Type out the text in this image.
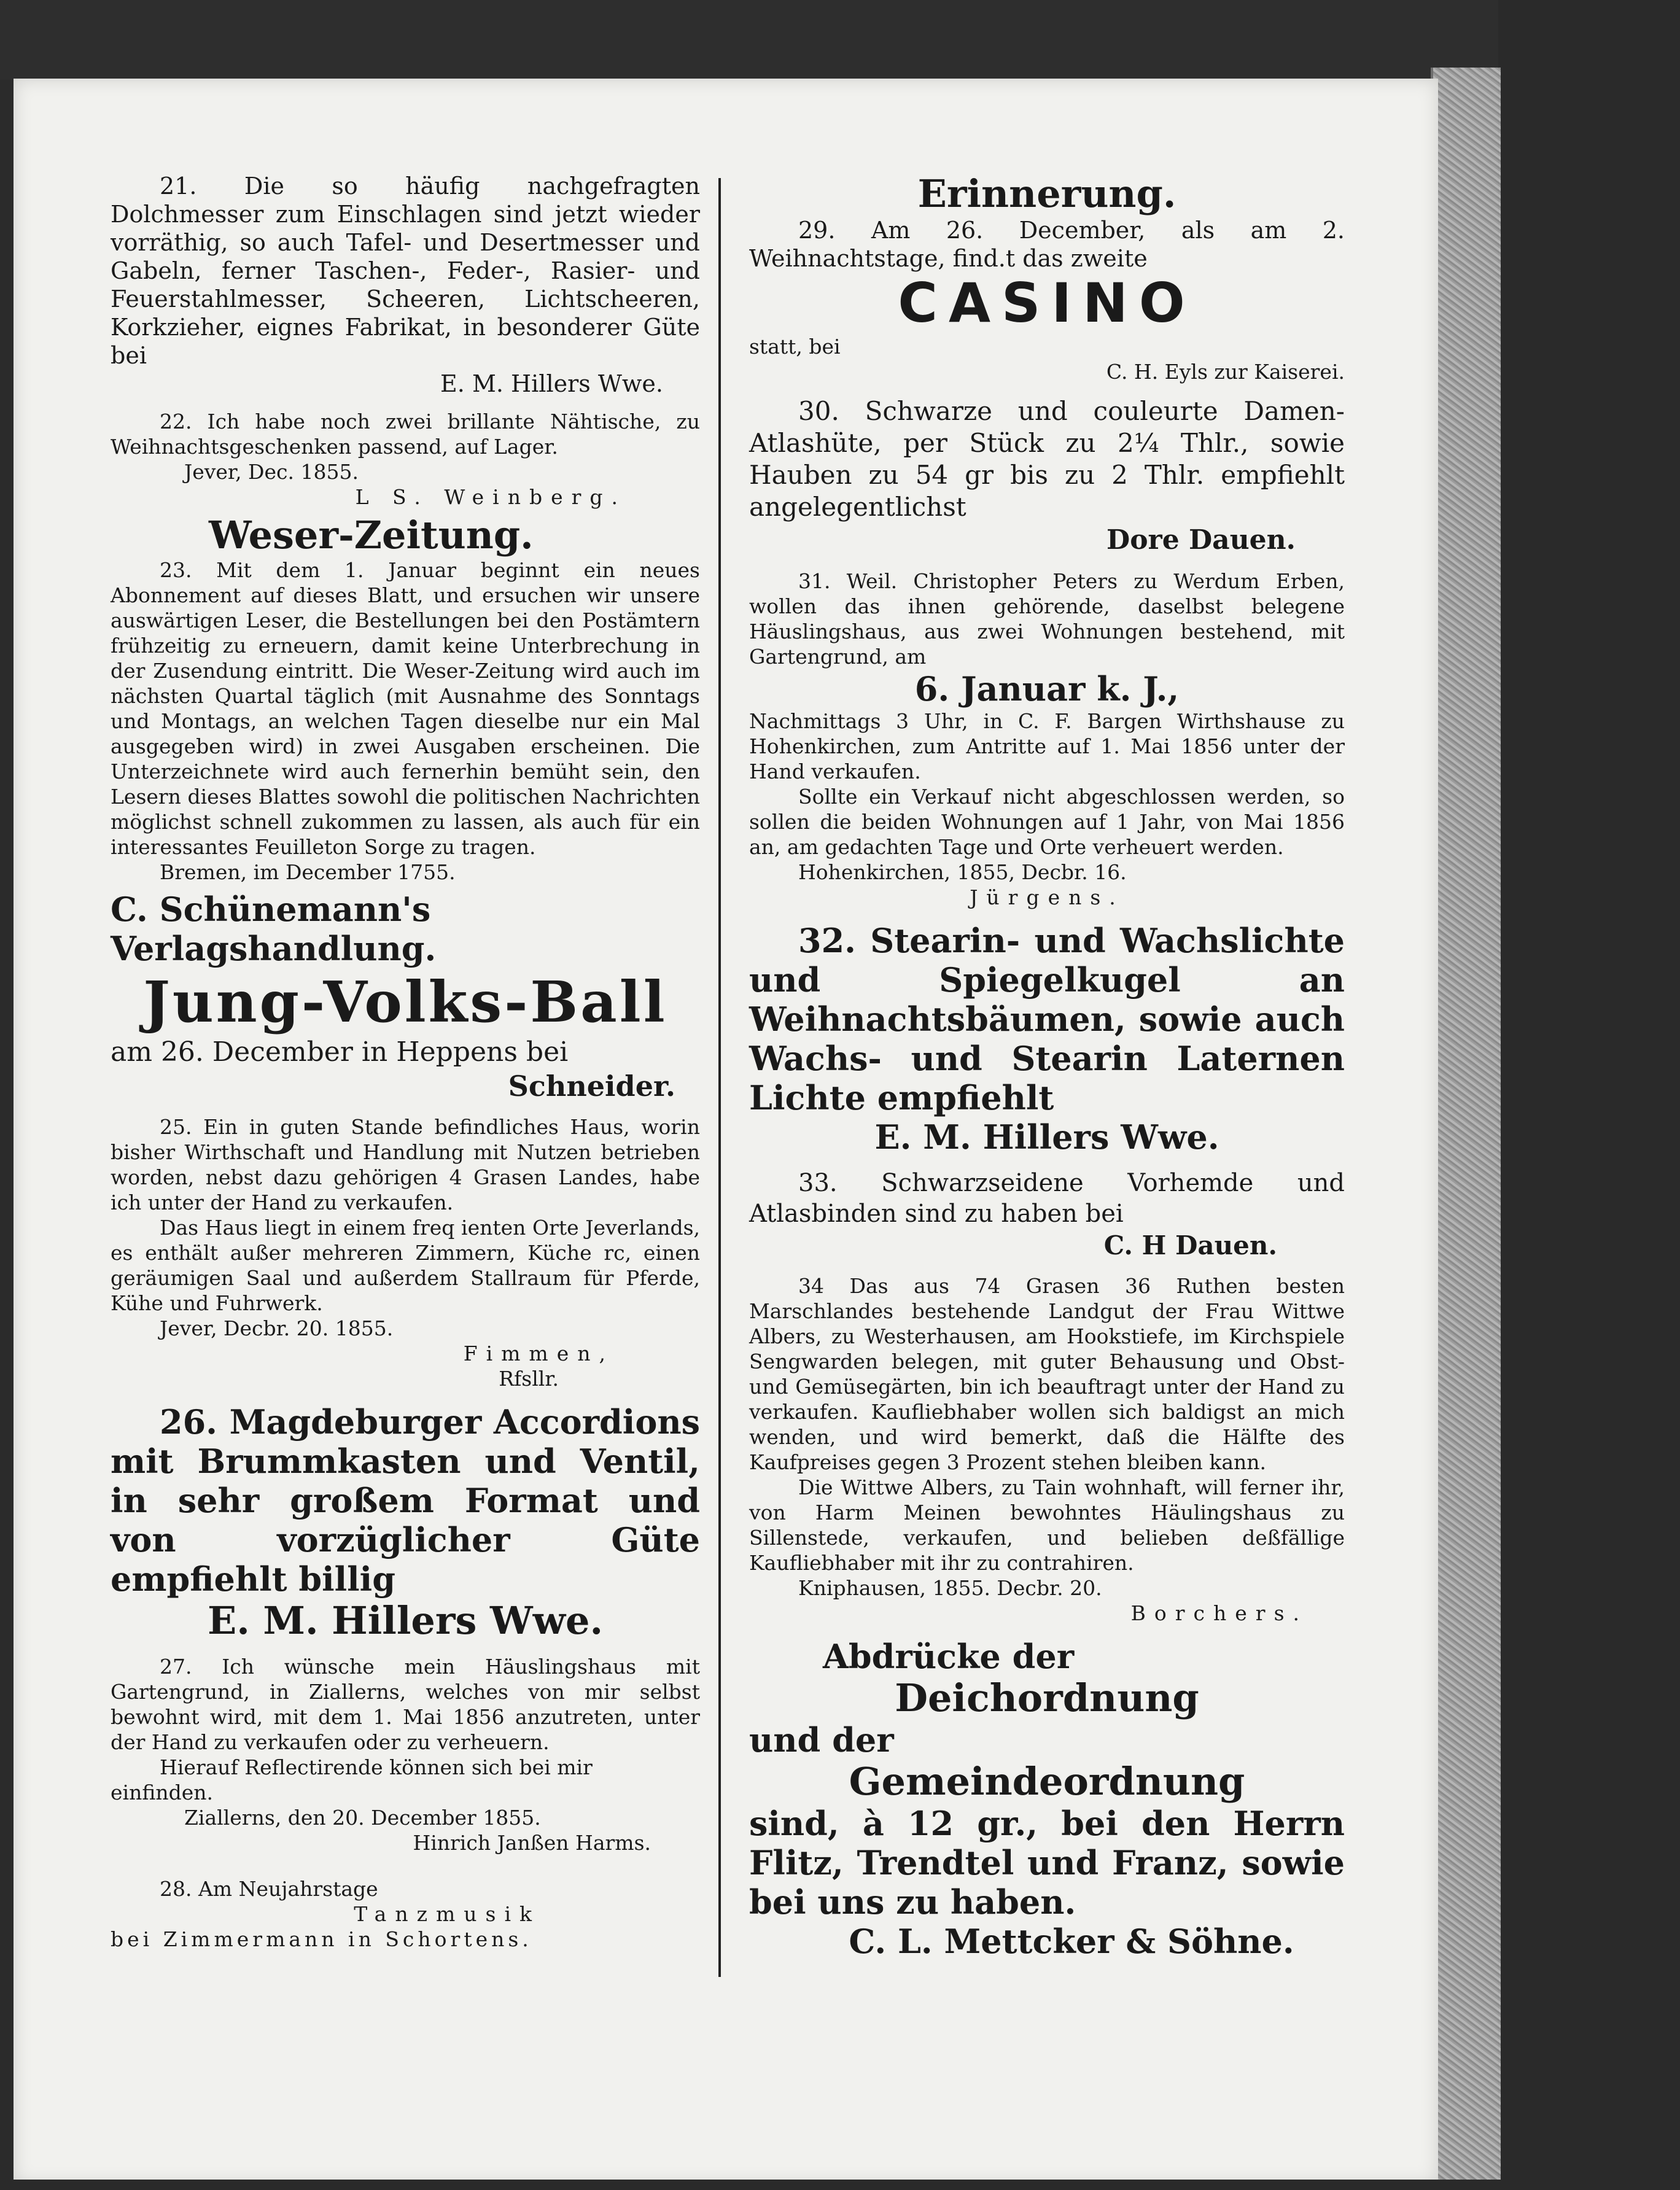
21. Die so häufig nachgefragten Dolchmesser zum Einschlagen sind jetzt wieder vorräthig, so auch Tafel- und Desertmesser und Gabeln, ferner Taschen-, Feder-, Rasier- und Feuerstahlmesser, Scheeren, Lichtscheeren, Korkzieher, eignes Fabrikat, in besonderer Güte bei

E. M. Hillers Wwe.

22. Ich habe noch zwei brillante Nähtische, zu Weihnachtsgeschenken passend, auf Lager.

Jever, Dec. 1855.

L S. Weinberg.

Weser-Zeitung.

23. Mit dem 1. Januar beginnt ein neues Abonnement auf dieses Blatt, und ersuchen wir unsere auswärtigen Leser, die Bestellungen bei den Postämtern frühzeitig zu erneuern, damit keine Unterbrechung in der Zusendung eintritt. Die Weser-Zeitung wird auch im nächsten Quartal täglich (mit Ausnahme des Sonntags und Montags, an welchen Tagen dieselbe nur ein Mal ausgegeben wird) in zwei Ausgaben erscheinen. Die Unterzeichnete wird auch fernerhin bemüht sein, den Lesern dieses Blattes sowohl die politischen Nachrichten möglichst schnell zukommen zu lassen, als auch für ein interessantes Feuilleton Sorge zu tragen.

Bremen, im December 1755.

C. Schünemann's Verlagshandlung.

Jung-Volks-Ball

am 26. December in Heppens bei

Schneider.

25. Ein in guten Stande befindliches Haus, worin bisher Wirthschaft und Handlung mit Nutzen betrieben worden, nebst dazu gehörigen 4 Grasen Landes, habe ich unter der Hand zu verkaufen.

Das Haus liegt in einem freq ienten Orte Jeverlands, es enthält außer mehreren Zimmern, Küche rc, einen geräumigen Saal und außerdem Stallraum für Pferde, Kühe und Fuhrwerk.

Jever, Decbr. 20. 1855.

Fimmen,

Rfsllr.

26. Magdeburger Accordions mit Brummkasten und Ventil, in sehr großem Format und von vorzüglicher Güte empfiehlt billig

E. M. Hillers Wwe.

27. Ich wünsche mein Häuslingshaus mit Gartengrund, in Ziallerns, welches von mir selbst bewohnt wird, mit dem 1. Mai 1856 anzutreten, unter der Hand zu verkaufen oder zu verheuern.

Hierauf Reflectirende können sich bei mir einfinden.

Ziallerns, den 20. December 1855.

Hinrich Janßen Harms.

28. Am Neujahrstage

Tanzmusik

bei Zimmermann in Schortens.

Erinnerung.

29. Am 26. December, als am 2. Weihnachtstage, find.t das zweite

CASINO

statt, bei

C. H. Eyls zur Kaiserei.

30. Schwarze und couleurte Damen-Atlashüte, per Stück zu 2¼ Thlr., sowie Hauben zu 54 gr bis zu 2 Thlr. empfiehlt angelegentlichst

Dore Dauen.

31. Weil. Christopher Peters zu Werdum Erben, wollen das ihnen gehörende, daselbst belegene Häuslingshaus, aus zwei Wohnungen bestehend, mit Gartengrund, am

6. Januar k. J.,

Nachmittags 3 Uhr, in C. F. Bargen Wirthshause zu Hohenkirchen, zum Antritte auf 1. Mai 1856 unter der Hand verkaufen.

Sollte ein Verkauf nicht abgeschlossen werden, so sollen die beiden Wohnungen auf 1 Jahr, von Mai 1856 an, am gedachten Tage und Orte verheuert werden.

Hohenkirchen, 1855, Decbr. 16.

Jürgens.

32. Stearin- und Wachslichte und Spiegelkugel an Weihnachtsbäumen, sowie auch Wachs- und Stearin Laternen Lichte empfiehlt

E. M. Hillers Wwe.

33. Schwarzseidene Vorhemde und Atlasbinden sind zu haben bei

C. H Dauen.

34 Das aus 74 Grasen 36 Ruthen besten Marschlandes bestehende Landgut der Frau Wittwe Albers, zu Westerhausen, am Hookstiefe, im Kirchspiele Sengwarden belegen, mit guter Behausung und Obst- und Gemüsegärten, bin ich beauftragt unter der Hand zu verkaufen. Kaufliebhaber wollen sich baldigst an mich wenden, und wird bemerkt, daß die Hälfte des Kaufpreises gegen 3 Prozent stehen bleiben kann.

Die Wittwe Albers, zu Tain wohnhaft, will ferner ihr, von Harm Meinen bewohntes Häulingshaus zu Sillenstede, verkaufen, und belieben deßfällige Kaufliebhaber mit ihr zu contrahiren.

Kniphausen, 1855. Decbr. 20.

Borchers.

Abdrücke der

Deichordnung

und der

Gemeindeordnung

sind, à 12 gr., bei den Herrn Flitz, Trendtel und Franz, sowie bei uns zu haben.

C. L. Mettcker & Söhne.
